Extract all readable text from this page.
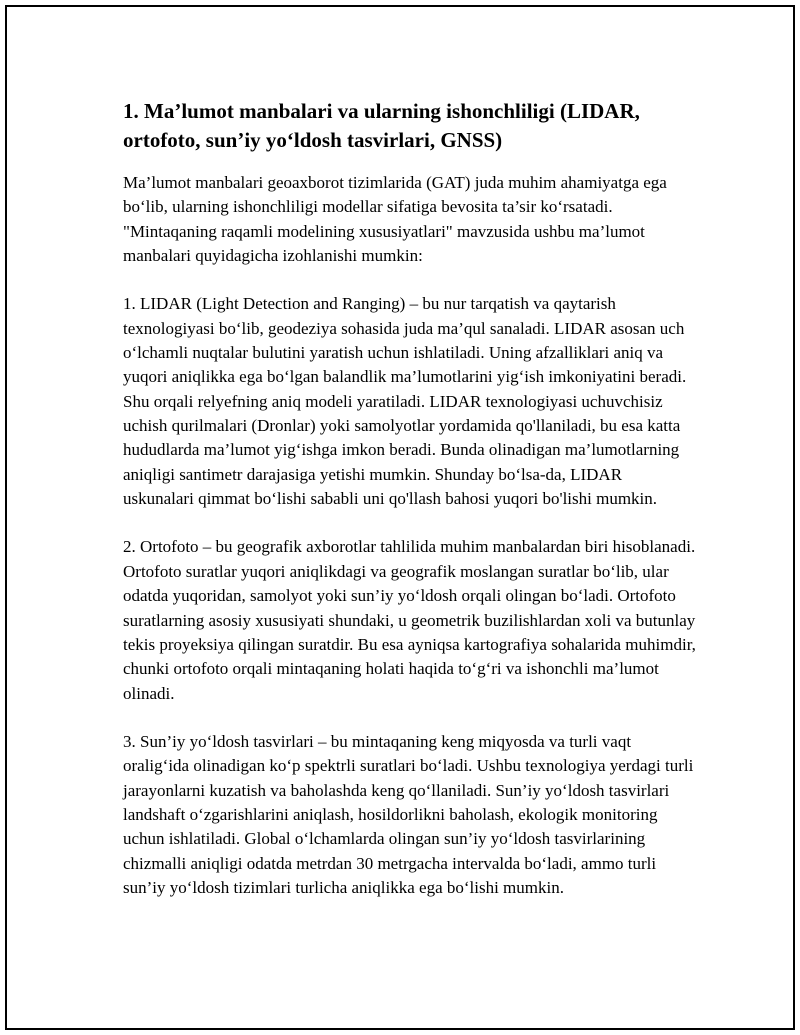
1. Ma’lumot manbalari va ularning ishonchliligi (LIDAR, ortofoto, sun’iy yo‘ldosh tasvirlari, GNSS)

Ma’lumot manbalari geoaxborot tizimlarida (GAT) juda muhim ahamiyatga ega bo‘lib, ularning ishonchliligi modellar sifatiga bevosita ta’sir ko‘rsatadi. "Mintaqaning raqamli modelining xususiyatlari" mavzusida ushbu ma’lumot manbalari quyidagicha izohlanishi mumkin:

1. LIDAR (Light Detection and Ranging) – bu nur tarqatish va qaytarish texnologiyasi bo‘lib, geodeziya sohasida juda ma’qul sanaladi. LIDAR asosan uch o‘lchamli nuqtalar bulutini yaratish uchun ishlatiladi. Uning afzalliklari aniq va yuqori aniqlikka ega bo‘lgan balandlik ma’lumotlarini yig‘ish imkoniyatini beradi. Shu orqali relyefning aniq modeli yaratiladi. LIDAR texnologiyasi uchuvchisiz uchish qurilmalari (Dronlar) yoki samolyotlar yordamida qo'llaniladi, bu esa katta hududlarda ma’lumot yig‘ishga imkon beradi. Bunda olinadigan ma’lumotlarning aniqligi santimetr darajasiga yetishi mumkin. Shunday bo‘lsa-da, LIDAR uskunalari qimmat bo‘lishi sababli uni qo'llash bahosi yuqori bo'lishi mumkin.

2. Ortofoto – bu geografik axborotlar tahlilida muhim manbalardan biri hisoblanadi. Ortofoto suratlar yuqori aniqlikdagi va geografik moslangan suratlar bo‘lib, ular odatda yuqoridan, samolyot yoki sun’iy yo‘ldosh orqali olingan bo‘ladi. Ortofoto suratlarning asosiy xususiyati shundaki, u geometrik buzilishlardan xoli va butunlay tekis proyeksiya qilingan suratdir. Bu esa ayniqsa kartografiya sohalarida muhimdir, chunki ortofoto orqali mintaqaning holati haqida to‘g‘ri va ishonchli ma’lumot olinadi.

3. Sun’iy yo‘ldosh tasvirlari – bu mintaqaning keng miqyosda va turli vaqt oralig‘ida olinadigan ko‘p spektrli suratlari bo‘ladi. Ushbu texnologiya yerdagi turli jarayonlarni kuzatish va baholashda keng qo‘llaniladi. Sun’iy yo‘ldosh tasvirlari landshaft o‘zgarishlarini aniqlash, hosildorlikni baholash, ekologik monitoring uchun ishlatiladi. Global o‘lchamlarda olingan sun’iy yo‘ldosh tasvirlarining chizmalli aniqligi odatda metrdan 30 metrgacha intervalda bo‘ladi, ammo turli sun’iy yo‘ldosh tizimlari turlicha aniqlikka ega bo‘lishi mumkin.
